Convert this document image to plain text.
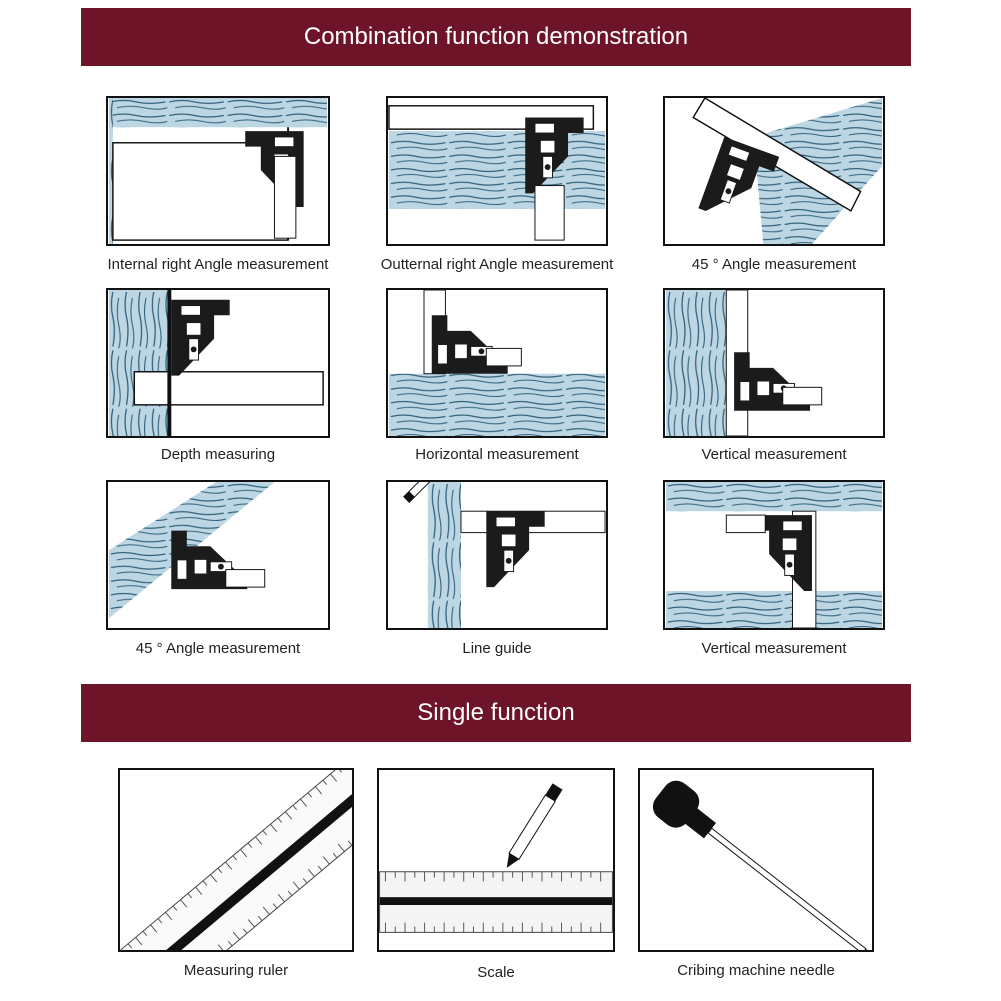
Combination function demonstration
Internal right Angle measurement	Outternal right Angle measurement	45 ° Angle measurement
Depth measuring	Horizontal measurement	Vertical measurement
45 ° Angle measurement	Line guide	Vertical measurement
Single function
Measuring ruler	Scale	Cribing machine needle
